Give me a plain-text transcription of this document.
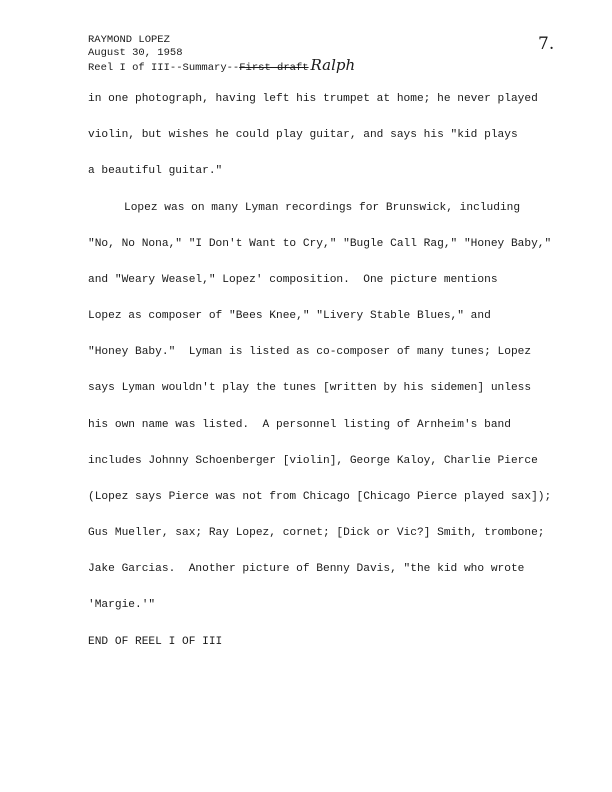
RAYMOND LOPEZ
August 30, 1958
Reel I of III--Summary--First draft Ralph
7.
in one photograph, having left his trumpet at home; he never played
violin, but wishes he could play guitar, and says his "kid plays
a beautiful guitar."
Lopez was on many Lyman recordings for Brunswick, including
"No, No Nona," "I Don't Want to Cry," "Bugle Call Rag," "Honey Baby,"
and "Weary Weasel," Lopez' composition.  One picture mentions
Lopez as composer of "Bees Knee," "Livery Stable Blues," and
"Honey Baby."  Lyman is listed as co-composer of many tunes; Lopez
says Lyman wouldn't play the tunes [written by his sidemen] unless
his own name was listed.  A personnel listing of Arnheim's band
includes Johnny Schoenberger [violin], George Kaloy, Charlie Pierce
(Lopez says Pierce was not from Chicago [Chicago Pierce played sax]);
Gus Mueller, sax; Ray Lopez, cornet; [Dick or Vic?] Smith, trombone;
Jake Garcias.  Another picture of Benny Davis, "the kid who wrote
'Margie.'"
END OF REEL I OF III
